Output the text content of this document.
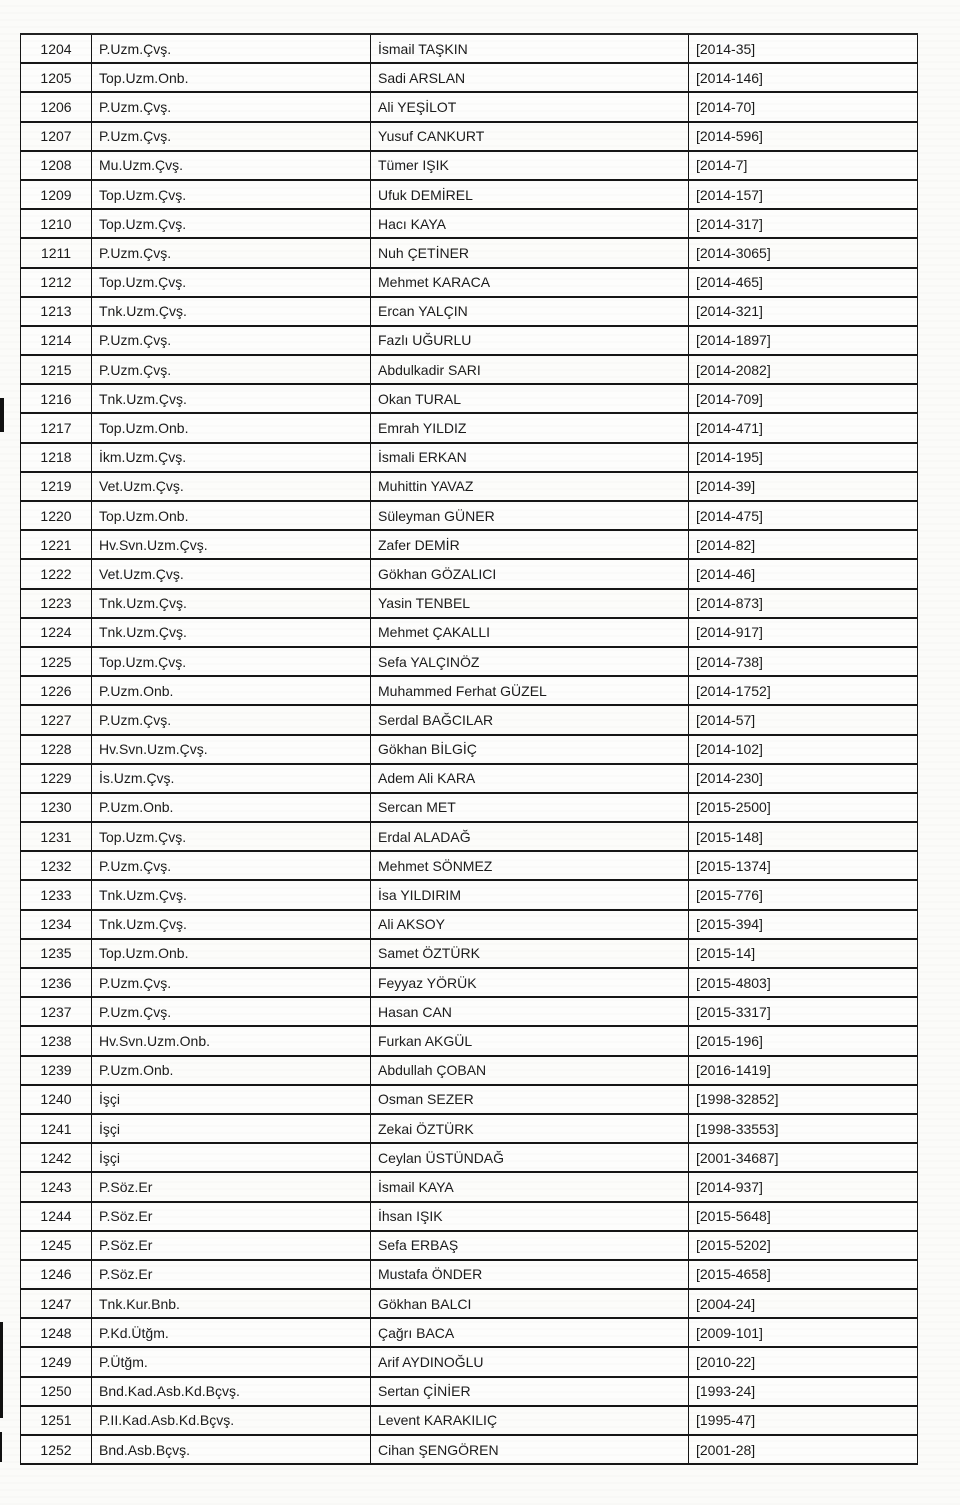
1204	P.Uzm.Çvş.	İsmail TAŞKIN	[2014-35]
1205	Top.Uzm.Onb.	Sadi ARSLAN	[2014-146]
1206	P.Uzm.Çvş.	Ali YEŞİLOT	[2014-70]
1207	P.Uzm.Çvş.	Yusuf CANKURT	[2014-596]
1208	Mu.Uzm.Çvş.	Tümer IŞIK	[2014-7]
1209	Top.Uzm.Çvş.	Ufuk DEMİREL	[2014-157]
1210	Top.Uzm.Çvş.	Hacı KAYA	[2014-317]
1211	P.Uzm.Çvş.	Nuh ÇETİNER	[2014-3065]
1212	Top.Uzm.Çvş.	Mehmet KARACA	[2014-465]
1213	Tnk.Uzm.Çvş.	Ercan YALÇIN	[2014-321]
1214	P.Uzm.Çvş.	Fazlı UĞURLU	[2014-1897]
1215	P.Uzm.Çvş.	Abdulkadir SARI	[2014-2082]
1216	Tnk.Uzm.Çvş.	Okan TURAL	[2014-709]
1217	Top.Uzm.Onb.	Emrah YILDIZ	[2014-471]
1218	İkm.Uzm.Çvş.	İsmali ERKAN	[2014-195]
1219	Vet.Uzm.Çvş.	Muhittin YAVAZ	[2014-39]
1220	Top.Uzm.Onb.	Süleyman GÜNER	[2014-475]
1221	Hv.Svn.Uzm.Çvş.	Zafer DEMİR	[2014-82]
1222	Vet.Uzm.Çvş.	Gökhan GÖZALICI	[2014-46]
1223	Tnk.Uzm.Çvş.	Yasin TENBEL	[2014-873]
1224	Tnk.Uzm.Çvş.	Mehmet ÇAKALLI	[2014-917]
1225	Top.Uzm.Çvş.	Sefa YALÇINÖZ	[2014-738]
1226	P.Uzm.Onb.	Muhammed Ferhat GÜZEL	[2014-1752]
1227	P.Uzm.Çvş.	Serdal BAĞCILAR	[2014-57]
1228	Hv.Svn.Uzm.Çvş.	Gökhan BİLGİÇ	[2014-102]
1229	İs.Uzm.Çvş.	Adem Ali KARA	[2014-230]
1230	P.Uzm.Onb.	Sercan MET	[2015-2500]
1231	Top.Uzm.Çvş.	Erdal ALADAĞ	[2015-148]
1232	P.Uzm.Çvş.	Mehmet SÖNMEZ	[2015-1374]
1233	Tnk.Uzm.Çvş.	İsa YILDIRIM	[2015-776]
1234	Tnk.Uzm.Çvş.	Ali AKSOY	[2015-394]
1235	Top.Uzm.Onb.	Samet ÖZTÜRK	[2015-14]
1236	P.Uzm.Çvş.	Feyyaz YÖRÜK	[2015-4803]
1237	P.Uzm.Çvş.	Hasan CAN	[2015-3317]
1238	Hv.Svn.Uzm.Onb.	Furkan AKGÜL	[2015-196]
1239	P.Uzm.Onb.	Abdullah ÇOBAN	[2016-1419]
1240	İşçi	Osman SEZER	[1998-32852]
1241	İşçi	Zekai ÖZTÜRK	[1998-33553]
1242	İşçi	Ceylan ÜSTÜNDAĞ	[2001-34687]
1243	P.Söz.Er	İsmail KAYA	[2014-937]
1244	P.Söz.Er	İhsan IŞIK	[2015-5648]
1245	P.Söz.Er	Sefa ERBAŞ	[2015-5202]
1246	P.Söz.Er	Mustafa ÖNDER	[2015-4658]
1247	Tnk.Kur.Bnb.	Gökhan BALCI	[2004-24]
1248	P.Kd.Ütğm.	Çağrı BACA	[2009-101]
1249	P.Ütğm.	Arif AYDINOĞLU	[2010-22]
1250	Bnd.Kad.Asb.Kd.Bçvş.	Sertan ÇİNİER	[1993-24]
1251	P.II.Kad.Asb.Kd.Bçvş.	Levent KARAKILIÇ	[1995-47]
1252	Bnd.Asb.Bçvş.	Cihan ŞENGÖREN	[2001-28]
